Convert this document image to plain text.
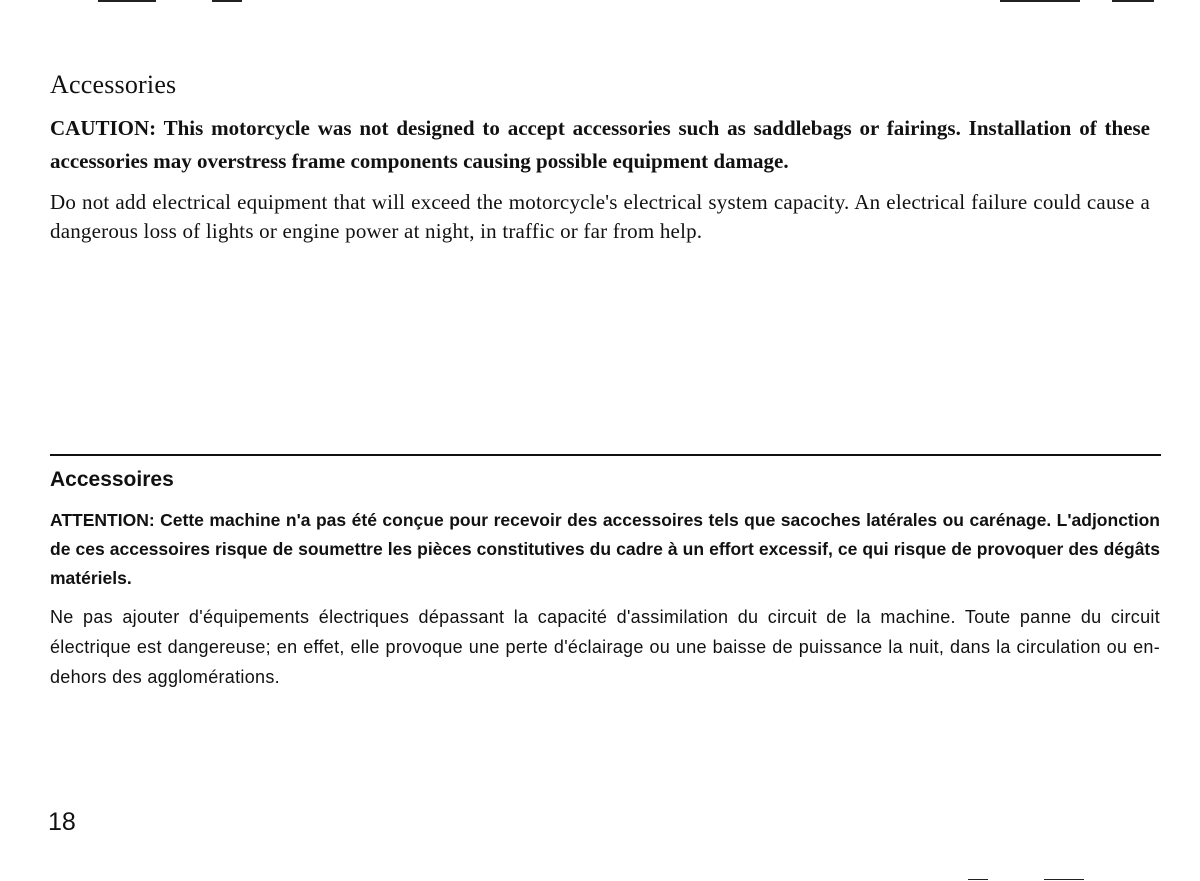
Accessories

CAUTION: This motorcycle was not designed to accept accessories such as saddlebags or fairings. Installation of these accessories may overstress frame components causing possible equipment damage.

Do not add electrical equipment that will exceed the motorcycle's electrical system capacity. An electrical failure could cause a dangerous loss of lights or engine power at night, in traffic or far from help.

Accessoires

ATTENTION: Cette machine n'a pas été conçue pour recevoir des accessoires tels que sacoches latérales ou carénage. L'adjonction de ces accessoires risque de soumettre les pièces constitutives du cadre à un effort excessif, ce qui risque de provoquer des dégâts matériels.

Ne pas ajouter d'équipements électriques dépassant la capacité d'assimilation du circuit de la machine. Toute panne du circuit électrique est dangereuse; en effet, elle provoque une perte d'éclairage ou une baisse de puissance la nuit, dans la circulation ou en-dehors des agglomérations.

18
